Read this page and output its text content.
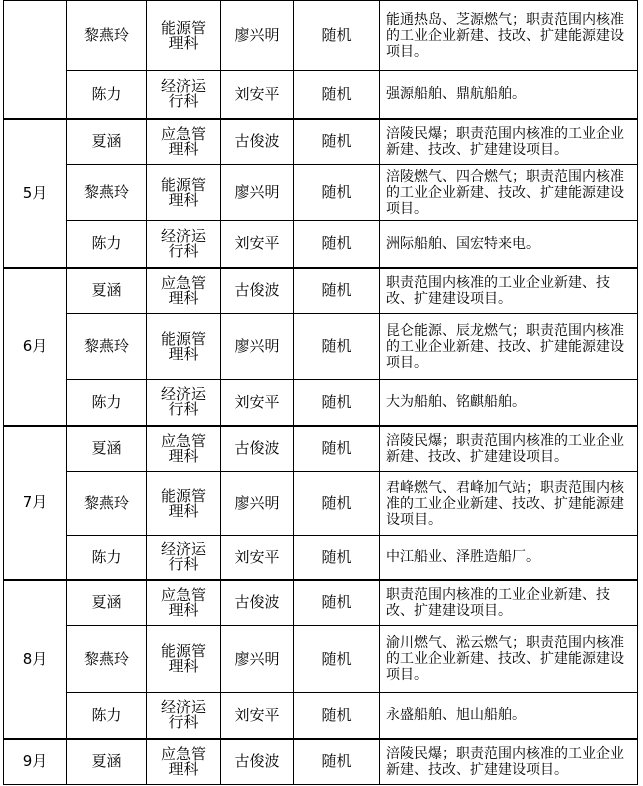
	黎燕玲	能源管理科	廖兴明	随机	能通热岛、芝源燃气；职责范围内核准的工业企业新建、技改、扩建能源建设项目。
	陈力	经济运行科	刘安平	随机	强源船舶、鼎航船舶。
5月	夏涵	应急管理科	古俊波	随机	涪陵民爆；职责范围内核准的工业企业新建、技改、扩建建设项目。
	黎燕玲	能源管理科	廖兴明	随机	涪陵燃气、四合燃气；职责范围内核准的工业企业新建、技改、扩建能源建设项目。
	陈力	经济运行科	刘安平	随机	洲际船舶、国宏特来电。
6月	夏涵	应急管理科	古俊波	随机	职责范围内核准的工业企业新建、技改、扩建建设项目。
	黎燕玲	能源管理科	廖兴明	随机	昆仑能源、辰龙燃气；职责范围内核准的工业企业新建、技改、扩建能源建设项目。
	陈力	经济运行科	刘安平	随机	大为船舶、铭麒船舶。
7月	夏涵	应急管理科	古俊波	随机	涪陵民爆；职责范围内核准的工业企业新建、技改、扩建建设项目。
	黎燕玲	能源管理科	廖兴明	随机	君峰燃气、君峰加气站；职责范围内核准的工业企业新建、技改、扩建能源建设项目。
	陈力	经济运行科	刘安平	随机	中江船业、泽胜造船厂。
8月	夏涵	应急管理科	古俊波	随机	职责范围内核准的工业企业新建、技改、扩建建设项目。
	黎燕玲	能源管理科	廖兴明	随机	渝川燃气、淞云燃气；职责范围内核准的工业企业新建、技改、扩建能源建设项目。
	陈力	经济运行科	刘安平	随机	永盛船舶、旭山船舶。
9月	夏涵	应急管理科	古俊波	随机	涪陵民爆；职责范围内核准的工业企业新建、技改、扩建建设项目。
